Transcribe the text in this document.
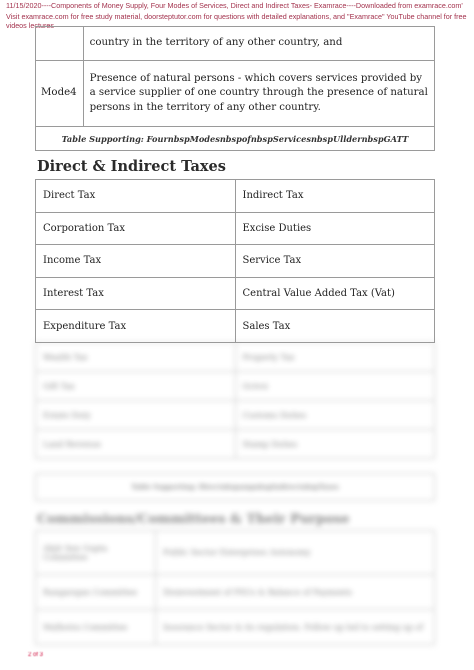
11/15/2020----Components of Money Supply, Four Modes of Services, Direct and Indirect Taxes- Examrace----Downloaded from examrace.com'
Visit examrace.com for free study material, doorsteptutor.com for questions with detailed explanations, and "Examrace" YouTube channel for free videos lectures
	country in the territory of any other country, and
Mode4	Presence of natural persons - which covers services provided by a service supplier of one country through the presence of natural persons in the territory of any other country.
Table Supporting: FournbspModesnbspofnbspServicesnbspUlldernbspGATT
Direct & Indirect Taxes
Direct Tax	Indirect Tax
Corporation Tax	Excise Duties
Income Tax	Service Tax
Interest Tax	Central Value Added Tax (Vat)
Expenditure Tax	Sales Tax
Wealth Tax	Property Tax
Gift Tax	Octroi
Estate Duty	Customs Duties
Land Revenue	Stamp Duties
Table Supporting: DirectnbspampnbspIndirectnbspTaxes
Commissions/Committees & Their Purpose
Abjit Sen Gupta Committee	Public Sector Enterprises Autonomy
Rangarajan Committee	Disinvestment of PSUs & Balance of Payments
Malhotra Committee	Insurance Sector & its regulation. Follow up led to setting up of
2 of 3
